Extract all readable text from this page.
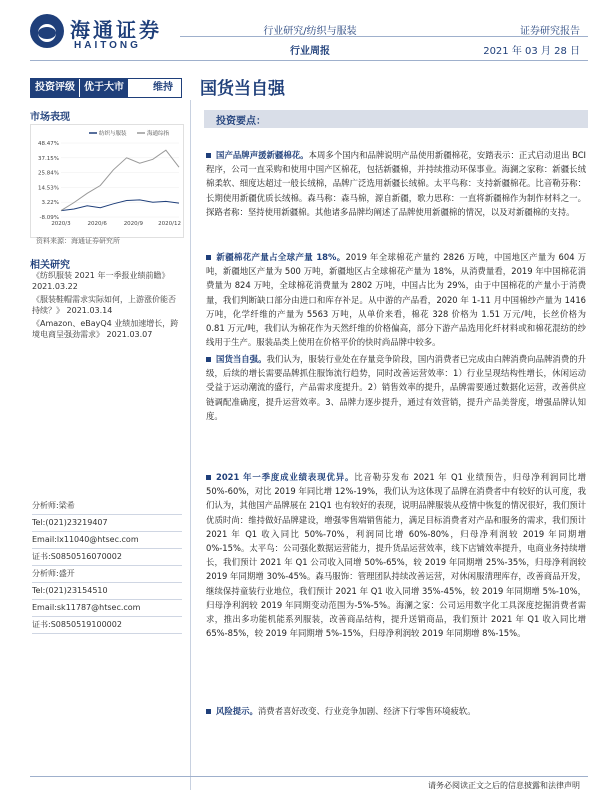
海通证券
HAITONG
行业研究/纺织与服装
行业周报
证券研究报告
2021 年 03 月 28 日
投资评级 优于大市	维持	国货当自强
市场表现
48.47%
37.15%
25.84%
14.53%
3.22%
-8.09%
2020/3	2020/6	2020/9	2020/12
纺织与服装	海通综指
资料来源：海通证券研究所
相关研究
《纺织服装 2021 年一季报业绩前瞻》 2021.03.22
《服装鞋帽需求实际如何，上游涨价能否持续？》 2021.03.14
《Amazon、eBayQ4 业绩加速增长，跨境电商呈强劲需求》 2021.03.07
分析师:梁希
Tel:(021)23219407
Email:lx11040@htsec.com
证书:S0850516070002
分析师:盛开
Tel:(021)23154510
Email:sk11787@htsec.com
证书:S0850519100002
投资要点：
国产品牌声援新疆棉花。本周多个国内和品牌说明产品使用新疆棉花，安踏表示：正式启动退出 BCI 程序，公司一直采购和使用中国产区棉花，包括新疆棉，并持续推动环保事业。海澜之家称：新疆长绒棉柔软、细度达超过一般长绒棉，品牌广泛选用新疆长绒棉。太平鸟称：支持新疆棉花。比音勒芬称：长期使用新疆优质长绒棉。森马称：森马棉，源自新疆，歌力思称：一直将新疆棉作为制作材料之一。探路者称：坚持使用新疆棉。其他诸多品牌均阐述了品牌使用新疆棉的情况，以及对新疆棉的支持。
新疆棉花产量占全球产量 18%。2019 年全球棉花产量约 2826 万吨，中国地区产量为 604 万吨，新疆地区产量为 500 万吨，新疆地区占全球棉花产量为 18%，从消费量看，2019 年中国棉花消费量为 824 万吨，全球棉花消费量为 2802 万吨，中国占比为 29%，由于中国棉花的产量小于消费量，我们判断缺口部分由进口和库存补足。从中游的产品看，2020 年 1-11 月中国棉纱产量为 1416 万吨，化学纤维的产量为 5563 万吨，从单价来看，棉花 328 价格为 1.51 万元/吨，长丝价格为 0.81 万元/吨，我们认为棉花作为天然纤维的价格偏高，部分下游产品选用化纤材料或和棉花混纺的纱线用于生产。服装品类上使用在价格平价的快时尚品牌中较多。
国货当自强。我们认为，服装行业处在存量竞争阶段，国内消费者已完成由白牌消费向品牌消费的升级，后续的增长需要品牌抓住服饰流行趋势，同时改善运营效率：1）行业呈现结构性增长，休闲运动受益于运动潮流的盛行，产品需求度提升。2）销售效率的提升，品牌需要通过数据化运营，改善供应链调配准确度，提升运营效率。3、品牌力逐步提升，通过有效营销，提升产品美誉度，增强品牌认知度。
2021 年一季度成业绩表现优异。比音勒芬发布 2021 年 Q1 业绩预告，归母净利润同比增 50%-60%，对比 2019 年同比增 12%-19%，我们认为这体现了品牌在消费者中有较好的认可度，我们认为，其他国产品牌展在 21Q1 也有较好的表现，说明品牌服装从疫情中恢复的情况很好，我们预计优质时尚：维持做好品牌建设，增强零售端销售能力，满足目标消费者对产品和服务的需求，我们预计 2021 年 Q1 收入同比 50%-70%，利润同比增 60%-80%，归母净利润较 2019 年同期增 0%-15%。太平鸟：公司强化数据运营能力，提升货品运营效率，线下店铺效率提升，电商业务持续增长，我们预计 2021 年 Q1 公司收入同增 50%-65%，较 2019 年同期增 25%-35%，归母净利润较 2019 年同期增 30%-45%。森马服饰：管理团队持续改善运营，对休闲服清理库存，改善商品开发，继续保持童装行业地位，我们预计 2021 年 Q1 收入同增 35%-45%，较 2019 年同期增 5%-10%，归母净利润较 2019 年同期变动范围为-5%-5%。海澜之家：公司运用数字化工具深度挖掘消费者需求，推出多功能机能系列服装，改善商品结构，提升送销商品，我们预计 2021 年 Q1 收入同比增 65%-85%，较 2019 年同期增 5%-15%，归母净利润较 2019 年同期增 8%-15%。
风险提示。消费者喜好改变、行业竞争加剧、经济下行零售环境疲软。
请务必阅读正文之后的信息披露和法律声明
